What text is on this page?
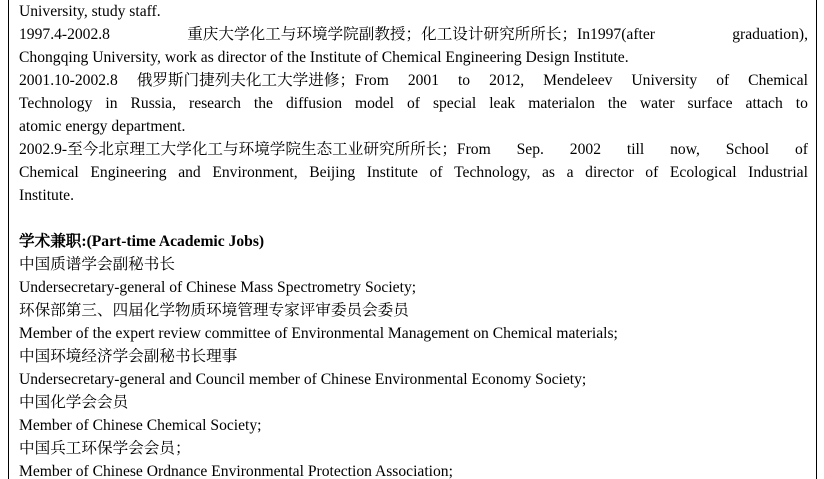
University, study staff.
1997.4-2002.8	重庆大学化工与环境学院副教授；化工设计研究所所长；In1997(after	graduation),
Chongqing University, work as director of the Institute of Chemical Engineering Design Institute.
2001.10-2002.8 俄罗斯门捷列夫化工大学进修；From 2001 to 2012, Mendeleev University of Chemical
Technology in Russia, research the diffusion model of special leak materialon the water surface attach to
atomic energy department.
2002.9-至今北京理工大学化工与环境学院生态工业研究所所长；From Sep. 2002 till now, School of
Chemical Engineering and Environment, Beijing Institute of Technology, as a director of Ecological Industrial
Institute.
学术兼职:(Part-time Academic Jobs)
中国质谱学会副秘书长
Undersecretary-general of Chinese Mass Spectrometry Society;
环保部第三、四届化学物质环境管理专家评审委员会委员
Member of the expert review committee of Environmental Management on Chemical materials;
中国环境经济学会副秘书长理事
Undersecretary-general and Council member of Chinese Environmental Economy Society;
中国化学会会员
Member of Chinese Chemical Society;
中国兵工环保学会会员；
Member of Chinese Ordnance Environmental Protection Association;
